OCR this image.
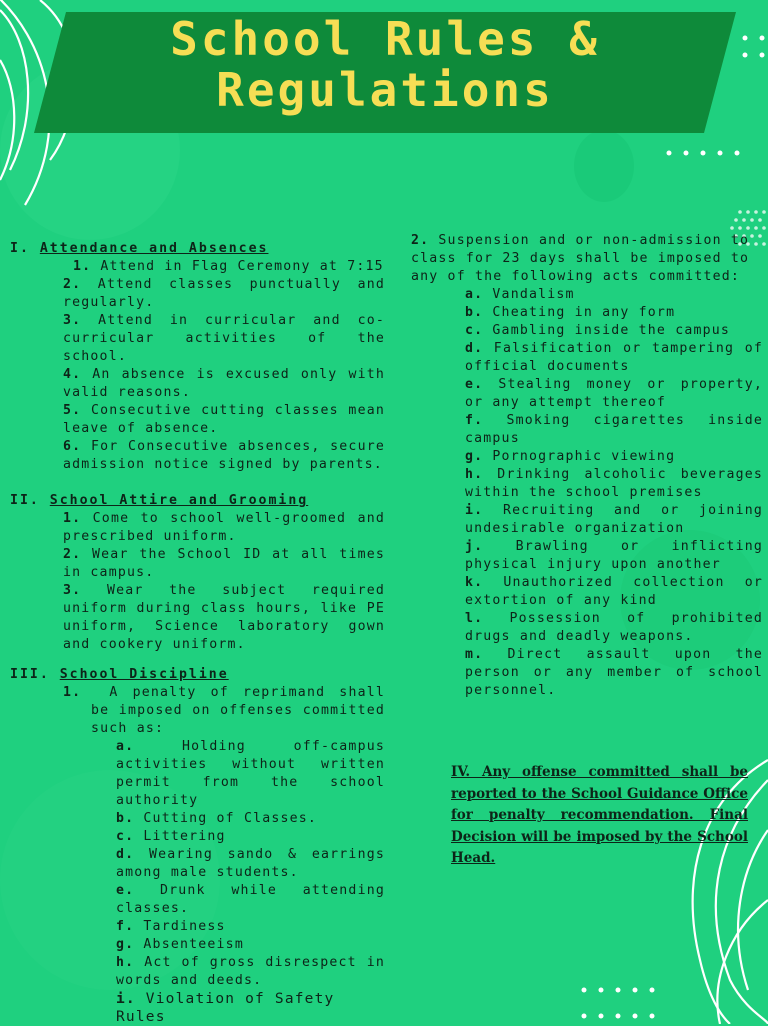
School Rules &
Regulations

I. Attendance and Absences

1. Attend in Flag Ceremony at 7:15

2. Attend classes punctually and regularly.

3. Attend in curricular and co-curricular activities of the school.

4. An absence is excused only with valid reasons.

5. Consecutive cutting classes mean leave of absence.

6. For Consecutive absences, secure admission notice signed by parents.

II. School Attire and Grooming

1. Come to school well-groomed and prescribed uniform.

2. Wear the School ID at all times in campus.

3. Wear the subject required uniform during class hours, like PE uniform, Science laboratory gown and cookery uniform.

III. School Discipline

1. A penalty of reprimand shall be imposed on offenses committed such as:

a. Holding off-campus activities without written permit from the school authority

b. Cutting of Classes.

c. Littering

d. Wearing sando & earrings among male students.

e. Drunk while attending classes.

f. Tardiness

g. Absenteeism

h. Act of gross disrespect in words and deeds.

i. Violation of Safety Rules

2. Suspension and or non-admission to class for 23 days shall be imposed to any of the following acts committed:

a. Vandalism

b. Cheating in any form

c. Gambling inside the campus

d. Falsification or tampering of official documents

e. Stealing money or property, or any attempt thereof

f. Smoking cigarettes inside campus

g. Pornographic viewing

h. Drinking alcoholic beverages within the school premises

i. Recruiting and or joining undesirable organization

j. Brawling or inflicting physical injury upon another

k. Unauthorized collection or extortion of any kind

l. Possession of prohibited drugs and deadly weapons.

m. Direct assault upon the person or any member of school personnel.

IV. Any offense committed shall be reported to the School Guidance Office for penalty recommendation. Final Decision will be imposed by the School Head.
